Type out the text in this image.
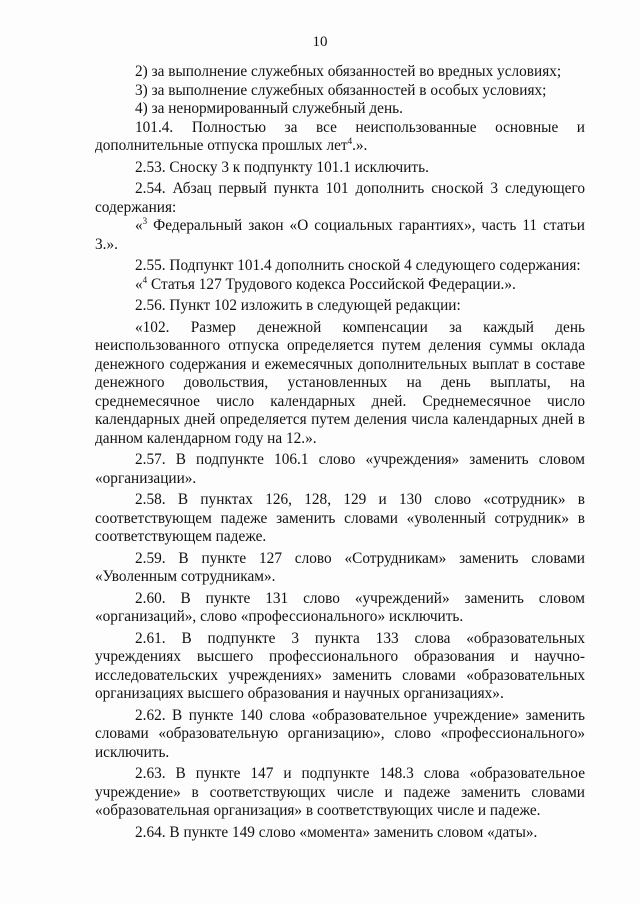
10

2) за выполнение служебных обязанностей во вредных условиях;

3) за выполнение служебных обязанностей в особых условиях;

4) за ненормированный служебный день.

101.4. Полностью за все неиспользованные основные и дополнительные отпуска прошлых лет$^4$.».

2.53. Сноску 3 к подпункту 101.1 исключить.

2.54. Абзац первый пункта 101 дополнить сноской 3 следующего содержания:

«$^3$ Федеральный закон «О социальных гарантиях», часть 11 статьи 3.».

2.55. Подпункт 101.4 дополнить сноской 4 следующего содержания:

«$^4$ Статья 127 Трудового кодекса Российской Федерации.».

2.56. Пункт 102 изложить в следующей редакции:

«102. Размер денежной компенсации за каждый день неиспользованного отпуска определяется путем деления суммы оклада денежного содержания и ежемесячных дополнительных выплат в составе денежного довольствия, установленных на день выплаты, на среднемесячное число календарных дней. Среднемесячное число календарных дней определяется путем деления числа календарных дней в данном календарном году на 12.».

2.57. В подпункте 106.1 слово «учреждения» заменить словом «организации».

2.58. В пунктах 126, 128, 129 и 130 слово «сотрудник» в соответствующем падеже заменить словами «уволенный сотрудник» в соответствующем падеже.

2.59. В пункте 127 слово «Сотрудникам» заменить словами «Уволенным сотрудникам».

2.60. В пункте 131 слово «учреждений» заменить словом «организаций», слово «профессионального» исключить.

2.61. В подпункте 3 пункта 133 слова «образовательных учреждениях высшего профессионального образования и научно-исследовательских учреждениях» заменить словами «образовательных организациях высшего образования и научных организациях».

2.62. В пункте 140 слова «образовательное учреждение» заменить словами «образовательную организацию», слово «профессионального» исключить.

2.63. В пункте 147 и подпункте 148.3 слова «образовательное учреждение» в соответствующих числе и падеже заменить словами «образовательная организация» в соответствующих числе и падеже.

2.64. В пункте 149 слово «момента» заменить словом «даты».
